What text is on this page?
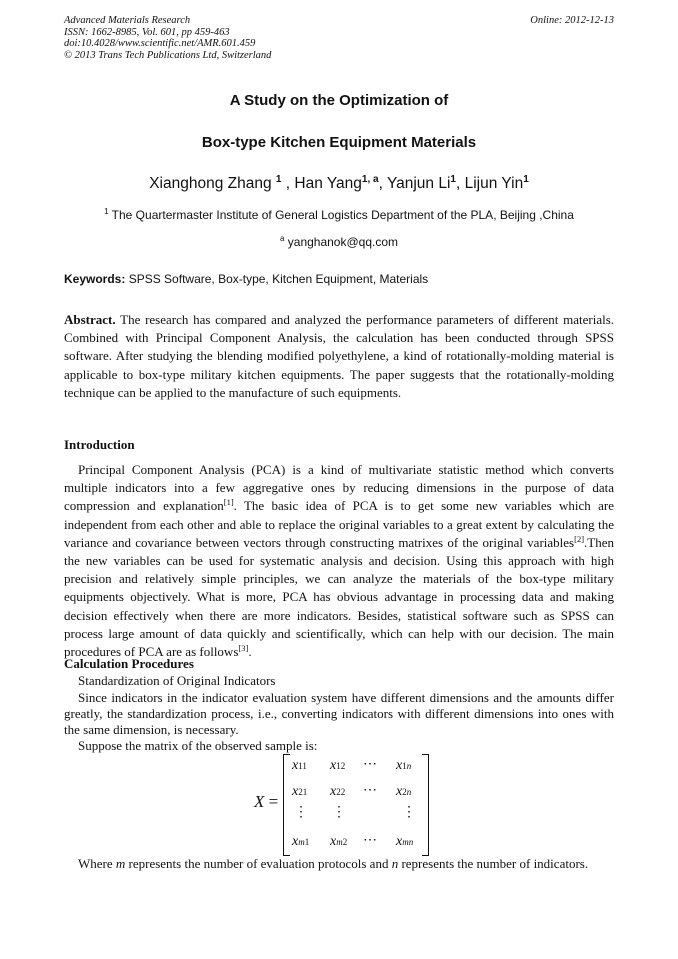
Advanced Materials Research
ISSN: 1662-8985, Vol. 601, pp 459-463
doi:10.4028/www.scientific.net/AMR.601.459
© 2013 Trans Tech Publications Ltd, Switzerland
Online: 2012-12-13
A Study on the Optimization of
Box-type Kitchen Equipment Materials
Xianghong Zhang $^1$ , Han Yang$^{1, a}$, Yanjun Li$^1$, Lijun Yin$^1$
$^1$ The Quartermaster Institute of General Logistics Department of the PLA, Beijing ,China
$^a$ yanghanok@qq.com
Keywords: SPSS Software, Box-type, Kitchen Equipment, Materials
Abstract. The research has compared and analyzed the performance parameters of different materials. Combined with Principal Component Analysis, the calculation has been conducted through SPSS software. After studying the blending modified polyethylene, a kind of rotationally-molding material is applicable to box-type military kitchen equipments. The paper suggests that the rotationally-molding technique can be applied to the manufacture of such equipments.
Introduction
Principal Component Analysis (PCA) is a kind of multivariate statistic method which converts multiple indicators into a few aggregative ones by reducing dimensions in the purpose of data compression and explanation[1]. The basic idea of PCA is to get some new variables which are independent from each other and able to replace the original variables to a great extent by calculating the variance and covariance between vectors through constructing matrixes of the original variables[2].Then the new variables can be used for systematic analysis and decision. Using this approach with high precision and relatively simple principles, we can analyze the materials of the box-type military equipments objectively. What is more, PCA has obvious advantage in processing data and making decision effectively when there are more indicators. Besides, statistical software such as SPSS can process large amount of data quickly and scientifically, which can help with our decision. The main procedures of PCA are as follows[3].
Calculation Procedures
Standardization of Original Indicators
Since indicators in the indicator evaluation system have different dimensions and the amounts differ greatly, the standardization process, i.e., converting indicators with different dimensions into ones with the same dimension, is necessary.
Suppose the matrix of the observed sample is:
X =
x11 x12 ⋯ x1n
x21 x22 ⋯ x2n
⋮ ⋮	⋮
xm1 xm2 ⋯ xmn
Where m represents the number of evaluation protocols and n represents the number of indicators.
